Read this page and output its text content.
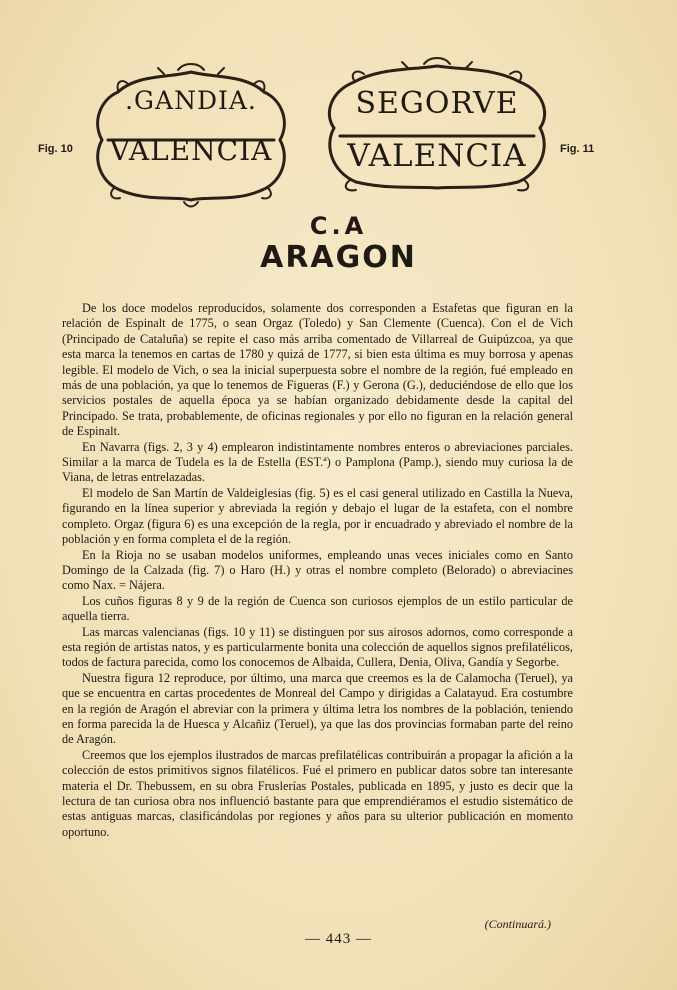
Fig. 10	Fig. 11
.GANDIA.
VALENCIA
SEGORVE
VALENCIA
C.A
ARAGON

De los doce modelos reproducidos, solamente dos corresponden a Estafetas que figuran en la relación de Espinalt de 1775, o sean Orgaz (Toledo) y San Clemente (Cuenca). Con el de Vich (Principado de Cataluña) se repite el caso más arriba comentado de Villarreal de Guipúzcoa, ya que esta marca la tenemos en cartas de 1780 y quizá de 1777, si bien esta última es muy borrosa y apenas legible. El modelo de Vich, o sea la inicial superpuesta sobre el nombre de la región, fué empleado en más de una población, ya que lo tenemos de Figueras (F.) y Gerona (G.), deduciéndose de ello que los servicios postales de aquella época ya se habían organizado debidamente desde la capital del Principado. Se trata, probablemente, de oficinas regionales y por ello no figuran en la relación general de Espinalt.

En Navarra (figs. 2, 3 y 4) emplearon indistintamente nombres enteros o abreviaciones parciales. Similar a la marca de Tudela es la de Estella (EST.ª) o Pamplona (Pamp.), siendo muy curiosa la de Viana, de letras entrelazadas.

El modelo de San Martín de Valdeiglesias (fig. 5) es el casi general utilizado en Castilla la Nueva, figurando en la línea superior y abreviada la región y debajo el lugar de la estafeta, con el nombre completo. Orgaz (figura 6) es una excepción de la regla, por ir encuadrado y abreviado el nombre de la población y en forma completa el de la región.

En la Rioja no se usaban modelos uniformes, empleando unas veces iniciales como en Santo Domingo de la Calzada (fig. 7) o Haro (H.) y otras el nombre completo (Belorado) o abreviacines como Nax. = Nájera.

Los cuños figuras 8 y 9 de la región de Cuenca son curiosos ejemplos de un estilo particular de aquella tierra.

Las marcas valencianas (figs. 10 y 11) se distinguen por sus airosos adornos, como corresponde a esta región de artistas natos, y es particularmente bonita una colección de aquellos signos prefilatélicos, todos de factura parecida, como los conocemos de Albaida, Cullera, Denia, Oliva, Gandía y Segorbe.

Nuestra figura 12 reproduce, por último, una marca que creemos es la de Calamocha (Teruel), ya que se encuentra en cartas procedentes de Monreal del Campo y dirigidas a Calatayud. Era costumbre en la región de Aragón el abreviar con la primera y última letra los nombres de la población, teniendo en forma parecida la de Huesca y Alcañiz (Teruel), ya que las dos provincias formaban parte del reino de Aragón.

Creemos que los ejemplos ilustrados de marcas prefilatélicas contribuirán a propagar la afición a la colección de estos primitivos signos filatélicos. Fué el primero en publicar datos sobre tan interesante materia el Dr. Thebussem, en su obra Fruslerías Postales, publicada en 1895, y justo es decir que la lectura de tan curiosa obra nos influenció bastante para que emprendiéramos el estudio sistemático de estas antiguas marcas, clasificándolas por regiones y años para su ulterior publicación en momento oportuno.

(Continuará.)
— 443 —
